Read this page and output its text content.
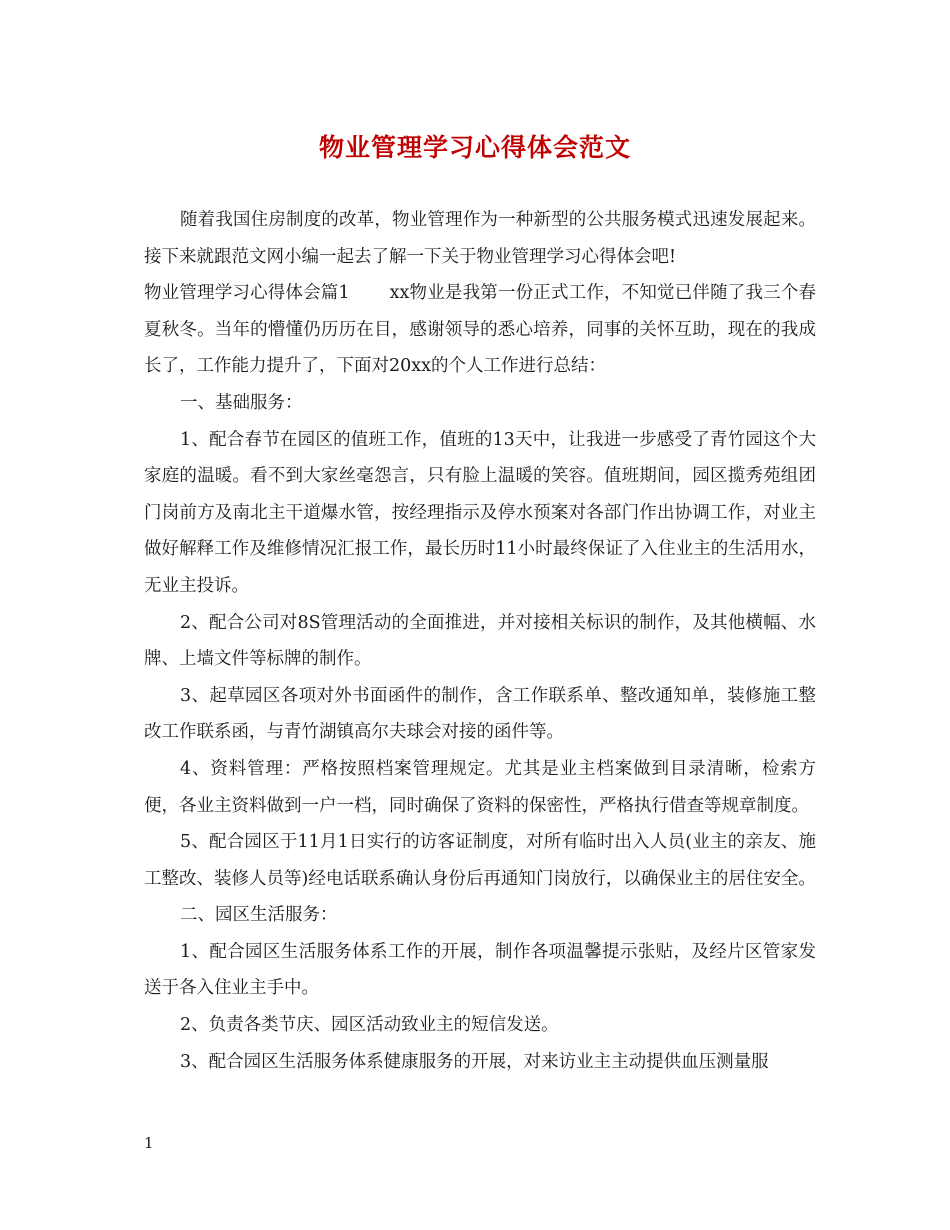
物业管理学习心得体会范文

随着我国住房制度的改革，物业管理作为一种新型的公共服务模式迅速发展起来。接下来就跟范文网小编一起去了解一下关于物业管理学习心得体会吧!

物业管理学习心得体会篇1 xx物业是我第一份正式工作，不知觉已伴随了我三个春夏秋冬。当年的懵懂仍历历在目，感谢领导的悉心培养，同事的关怀互助，现在的我成长了，工作能力提升了，下面对20xx的个人工作进行总结：

一、基础服务：

1、配合春节在园区的值班工作，值班的13天中，让我进一步感受了青竹园这个大家庭的温暖。看不到大家丝毫怨言，只有脸上温暖的笑容。值班期间，园区揽秀苑组团门岗前方及南北主干道爆水管，按经理指示及停水预案对各部门作出协调工作，对业主做好解释工作及维修情况汇报工作，最长历时11小时最终保证了入住业主的生活用水，无业主投诉。

2、配合公司对8S管理活动的全面推进，并对接相关标识的制作，及其他横幅、水牌、上墙文件等标牌的制作。

3、起草园区各项对外书面函件的制作，含工作联系单、整改通知单，装修施工整改工作联系函，与青竹湖镇高尔夫球会对接的函件等。

4、资料管理：严格按照档案管理规定。尤其是业主档案做到目录清晰，检索方便，各业主资料做到一户一档，同时确保了资料的保密性，严格执行借查等规章制度。

5、配合园区于11月1日实行的访客证制度，对所有临时出入人员(业主的亲友、施工整改、装修人员等)经电话联系确认身份后再通知门岗放行，以确保业主的居住安全。

二、园区生活服务：

1、配合园区生活服务体系工作的开展，制作各项温馨提示张贴，及经片区管家发送于各入住业主手中。

2、负责各类节庆、园区活动致业主的短信发送。

3、配合园区生活服务体系健康服务的开展，对来访业主主动提供血压测量服

1
